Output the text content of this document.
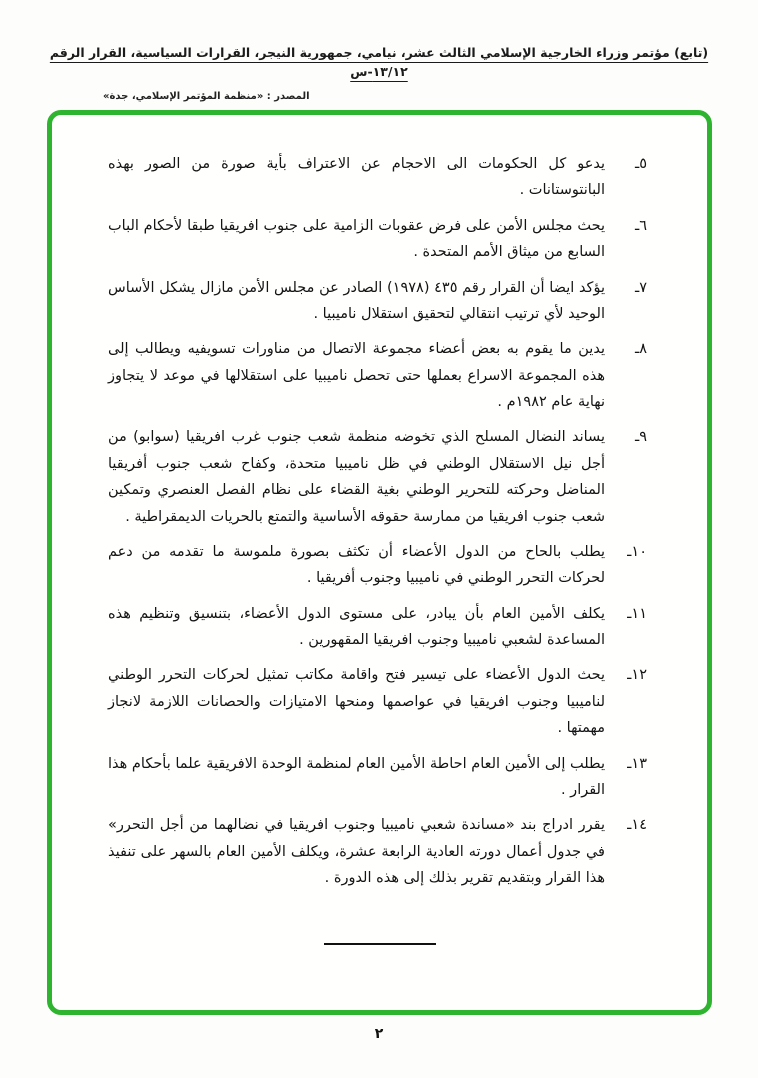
(تابع) مؤتمر وزراء الخارجية الإسلامي الثالث عشر، نيامي، جمهورية النيجر، القرارات السياسية، القرار الرقم ١٣/١٢-س
المصدر : «منظمة المؤتمر الإسلامي، جدة»
٥ـ
يدعو كل الحكومات الى الاحجام عن الاعتراف بأية صورة من الصور بهذه البانتوستانات .
٦ـ
يحث مجلس الأمن على فرض عقوبات الزامية على جنوب افريقيا طبقا لأحكام الباب السابع من ميثاق الأمم المتحدة .
٧ـ
يؤكد ايضا أن القرار رقم ٤٣٥ (١٩٧٨) الصادر عن مجلس الأمن مازال يشكل الأساس الوحيد لأي ترتيب انتقالي لتحقيق استقلال ناميبيا .
٨ـ
يدين ما يقوم به بعض أعضاء مجموعة الاتصال من مناورات تسويفيه ويطالب إلى هذه المجموعة الاسراع بعملها حتى تحصل ناميبيا على استقلالها في موعد لا يتجاوز نهاية عام ١٩٨٢م .
٩ـ
يساند النضال المسلح الذي تخوضه منظمة شعب جنوب غرب افريقيا (سوابو) من أجل نيل الاستقلال الوطني في ظل ناميبيا متحدة، وكفاح شعب جنوب أفريقيا المناضل وحركته للتحرير الوطني بغية القضاء على نظام الفصل العنصري وتمكين شعب جنوب افريقيا من ممارسة حقوقه الأساسية والتمتع بالحريات الديمقراطية .
١٠ـ
يطلب بالحاح من الدول الأعضاء أن تكثف بصورة ملموسة ما تقدمه من دعم لحركات التحرر الوطني في ناميبيا وجنوب أفريقيا .
١١ـ
يكلف الأمين العام بأن يبادر، على مستوى الدول الأعضاء، بتنسيق وتنظيم هذه المساعدة لشعبي ناميبيا وجنوب افريقيا المقهورين .
١٢ـ
يحث الدول الأعضاء على تيسير فتح واقامة مكاتب تمثيل لحركات التحرر الوطني لناميبيا وجنوب افريقيا في عواصمها ومنحها الامتيازات والحصانات اللازمة لانجاز مهمتها .
١٣ـ
يطلب إلى الأمين العام احاطة الأمين العام لمنظمة الوحدة الافريقية علما بأحكام هذا القرار .
١٤ـ
يقرر ادراج بند «مساندة شعبي ناميبيا وجنوب افريقيا في نضالهما من أجل التحرر» في جدول أعمال دورته العادية الرابعة عشرة، ويكلف الأمين العام بالسهر على تنفيذ هذا القرار وبتقديم تقرير بذلك إلى هذه الدورة .
٢
